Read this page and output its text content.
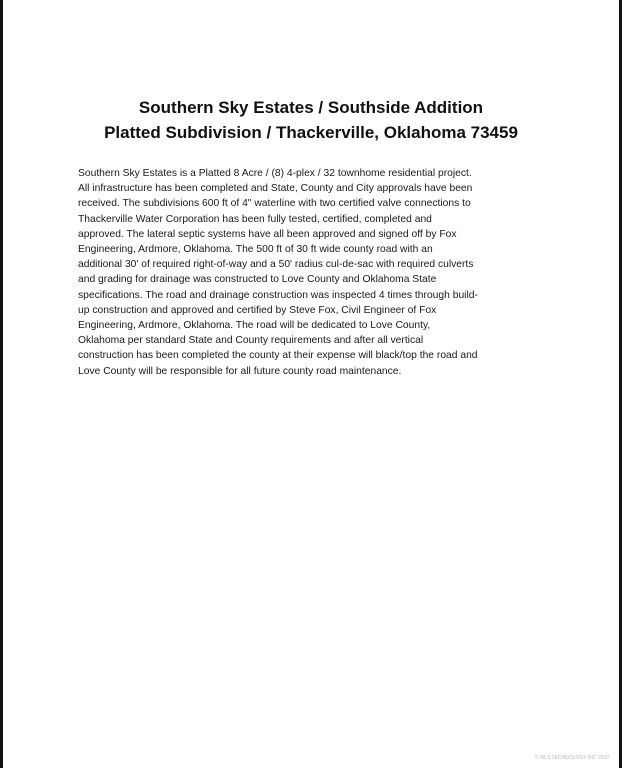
Southern Sky Estates / Southside Addition
Platted Subdivision / Thackerville, Oklahoma 73459
Southern Sky Estates is a Platted 8 Acre / (8) 4-plex / 32 townhome residential project.
All infrastructure has been completed and State, County and City approvals have been
received. The subdivisions 600 ft of 4" waterline with two certified valve connections to
Thackerville Water Corporation has been fully tested, certified, completed and
approved. The lateral septic systems have all been approved and signed off by Fox
Engineering, Ardmore, Oklahoma. The 500 ft of 30 ft wide county road with an
additional 30' of required right-of-way and a 50' radius cul-de-sac with required culverts
and grading for drainage was constructed to Love County and Oklahoma State
specifications. The road and drainage construction was inspected 4 times through build-
up construction and approved and certified by Steve Fox, Civil Engineer of Fox
Engineering, Ardmore, Oklahoma. The road will be dedicated to Love County,
Oklahoma per standard State and County requirements and after all vertical
construction has been completed the county at their expense will black/top the road and
Love County will be responsible for all future county road maintenance.
© MLS TECHNOLOGY INC 2020
